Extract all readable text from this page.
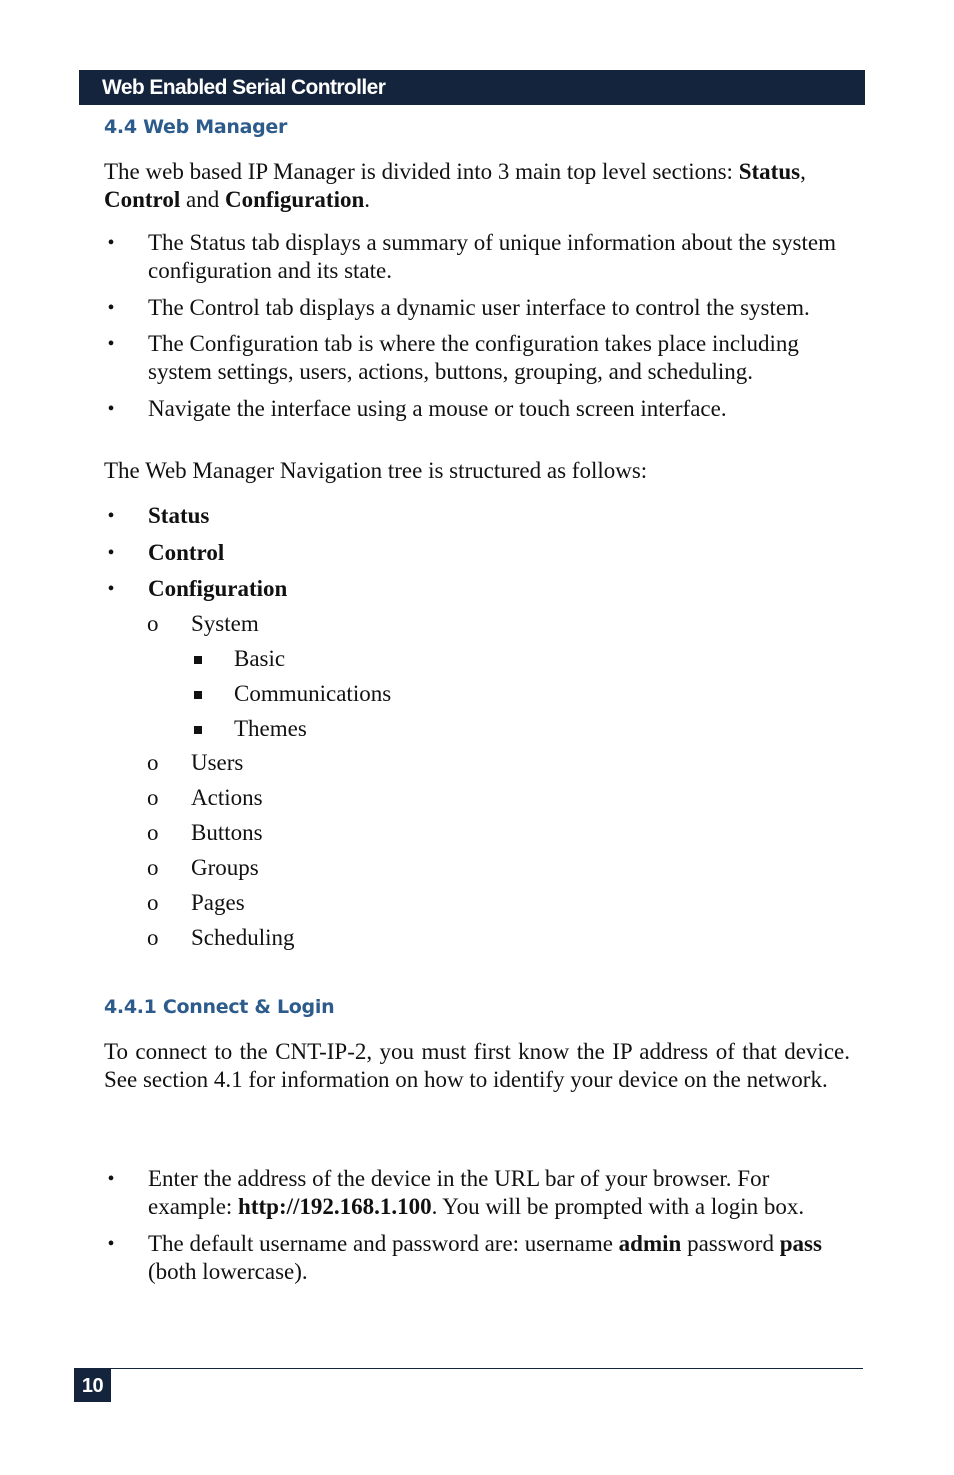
Web Enabled Serial Controller
4.4 Web Manager

The web based IP Manager is divided into 3 main top level sections: Status, Control and Configuration.

• The Status tab displays a summary of unique information about the system configuration and its state.
• The Control tab displays a dynamic user interface to control the system.
• The Configuration tab is where the configuration takes place including system settings, users, actions, buttons, grouping, and scheduling.
• Navigate the interface using a mouse or touch screen interface.

The Web Manager Navigation tree is structured as follows:

• Status
• Control
• Configuration
o System
Basic
Communications
Themes
o Users
o Actions
o Buttons
o Groups
o Pages
o Scheduling
4.4.1 Connect & Login

To connect to the CNT-IP-2, you must first know the IP address of that device. See section 4.1 for information on how to identify your device on the network.

• Enter the address of the device in the URL bar of your browser. For example: http://192.168.1.100. You will be prompted with a login box.
• The default username and password are: username admin password pass (both lowercase).
10
